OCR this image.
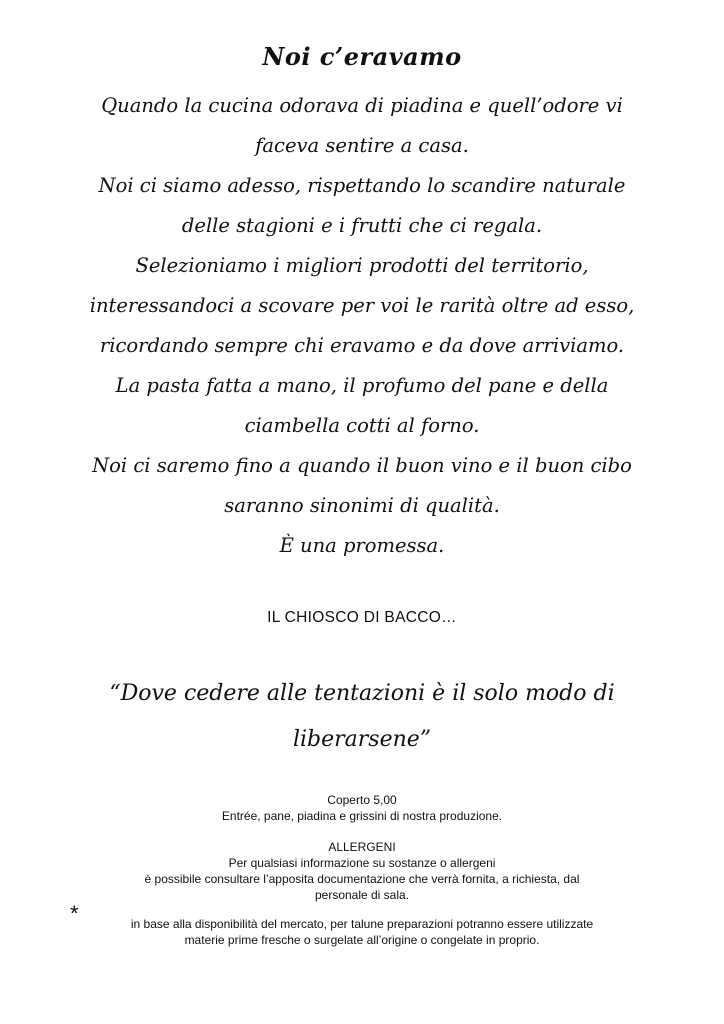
Noi c’eravamo
Quando la cucina odorava di piadina e quell’odore vi
faceva sentire a casa.
Noi ci siamo adesso, rispettando lo scandire naturale
delle stagioni e i frutti che ci regala.
Selezioniamo i migliori prodotti del territorio,
interessandoci a scovare per voi le rarità oltre ad esso,
ricordando sempre chi eravamo e da dove arriviamo.
La pasta fatta a mano, il profumo del pane e della
ciambella cotti al forno.
Noi ci saremo fino a quando il buon vino e il buon cibo
saranno sinonimi di qualità.
È una promessa.
IL CHIOSCO DI BACCO…
“Dove cedere alle tentazioni è il solo modo di
liberarsene”
Coperto 5,00
Entrée, pane, piadina e grissini di nostra produzione.
ALLERGENI
Per qualsiasi informazione su sostanze o allergeni
è possibile consultare l’apposita documentazione che verrà fornita, a richiesta, dal
personale di sala.
*	in base alla disponibilità del mercato, per talune preparazioni potranno essere utilizzate
materie prime fresche o surgelate all’origine o congelate in proprio.
